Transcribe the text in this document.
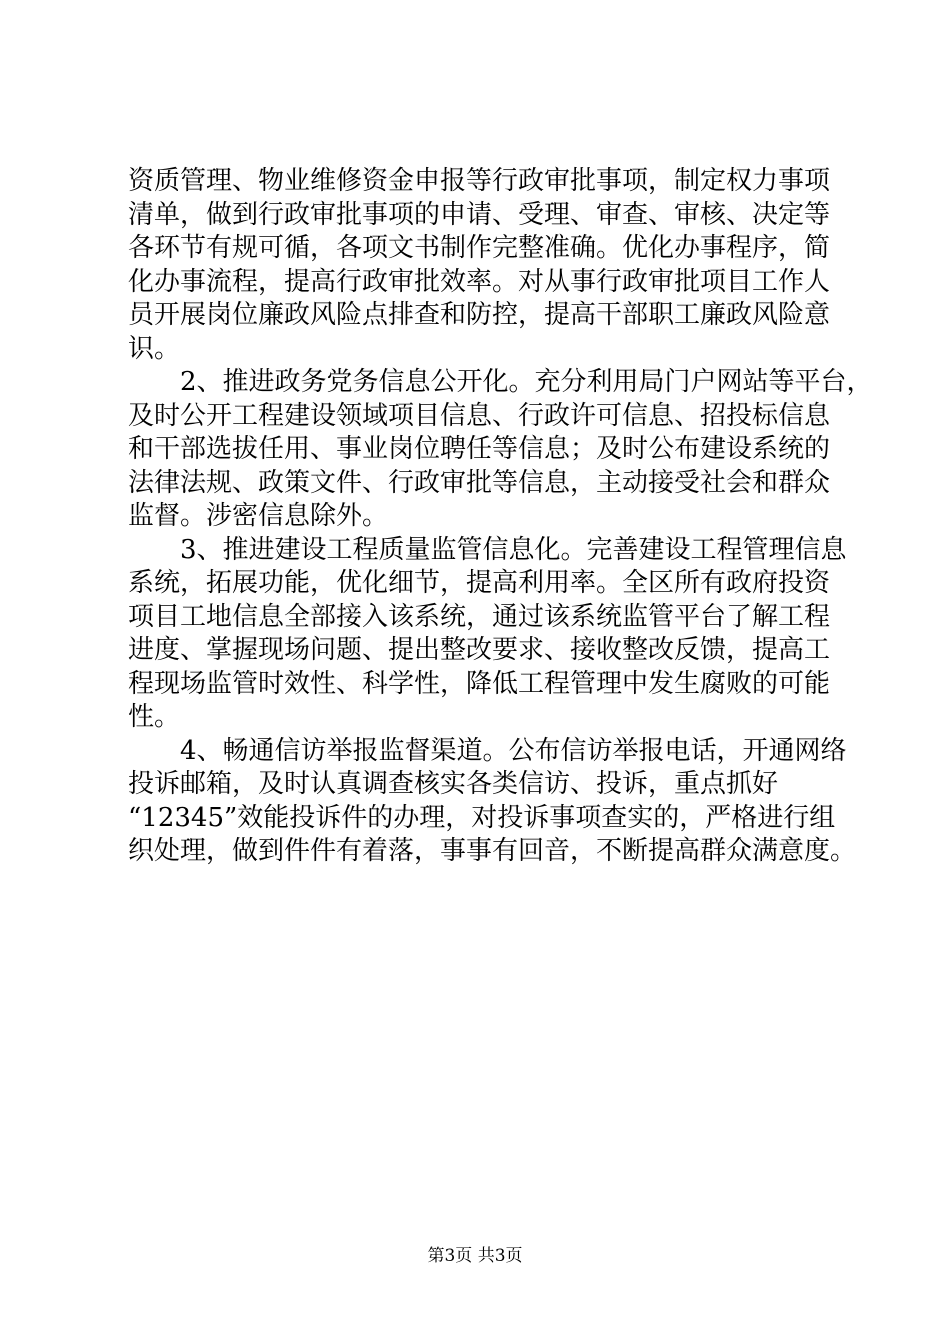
资质管理、物业维修资金申报等行政审批事项，制定权力事项
清单，做到行政审批事项的申请、受理、审查、审核、决定等
各环节有规可循，各项文书制作完整准确。优化办事程序，简
化办事流程，提高行政审批效率。对从事行政审批项目工作人
员开展岗位廉政风险点排查和防控，提高干部职工廉政风险意
识。
2、推进政务党务信息公开化。充分利用局门户网站等平台，
及时公开工程建设领域项目信息、行政许可信息、招投标信息
和干部选拔任用、事业岗位聘任等信息；及时公布建设系统的
法律法规、政策文件、行政审批等信息，主动接受社会和群众
监督。涉密信息除外。
3、推进建设工程质量监管信息化。完善建设工程管理信息
系统，拓展功能，优化细节，提高利用率。全区所有政府投资
项目工地信息全部接入该系统，通过该系统监管平台了解工程
进度、掌握现场问题、提出整改要求、接收整改反馈，提高工
程现场监管时效性、科学性，降低工程管理中发生腐败的可能
性。
4、畅通信访举报监督渠道。公布信访举报电话，开通网络
投诉邮箱，及时认真调查核实各类信访、投诉，重点抓好
“12345”效能投诉件的办理，对投诉事项查实的，严格进行组
织处理，做到件件有着落，事事有回音，不断提高群众满意度。
第3页 共3页
